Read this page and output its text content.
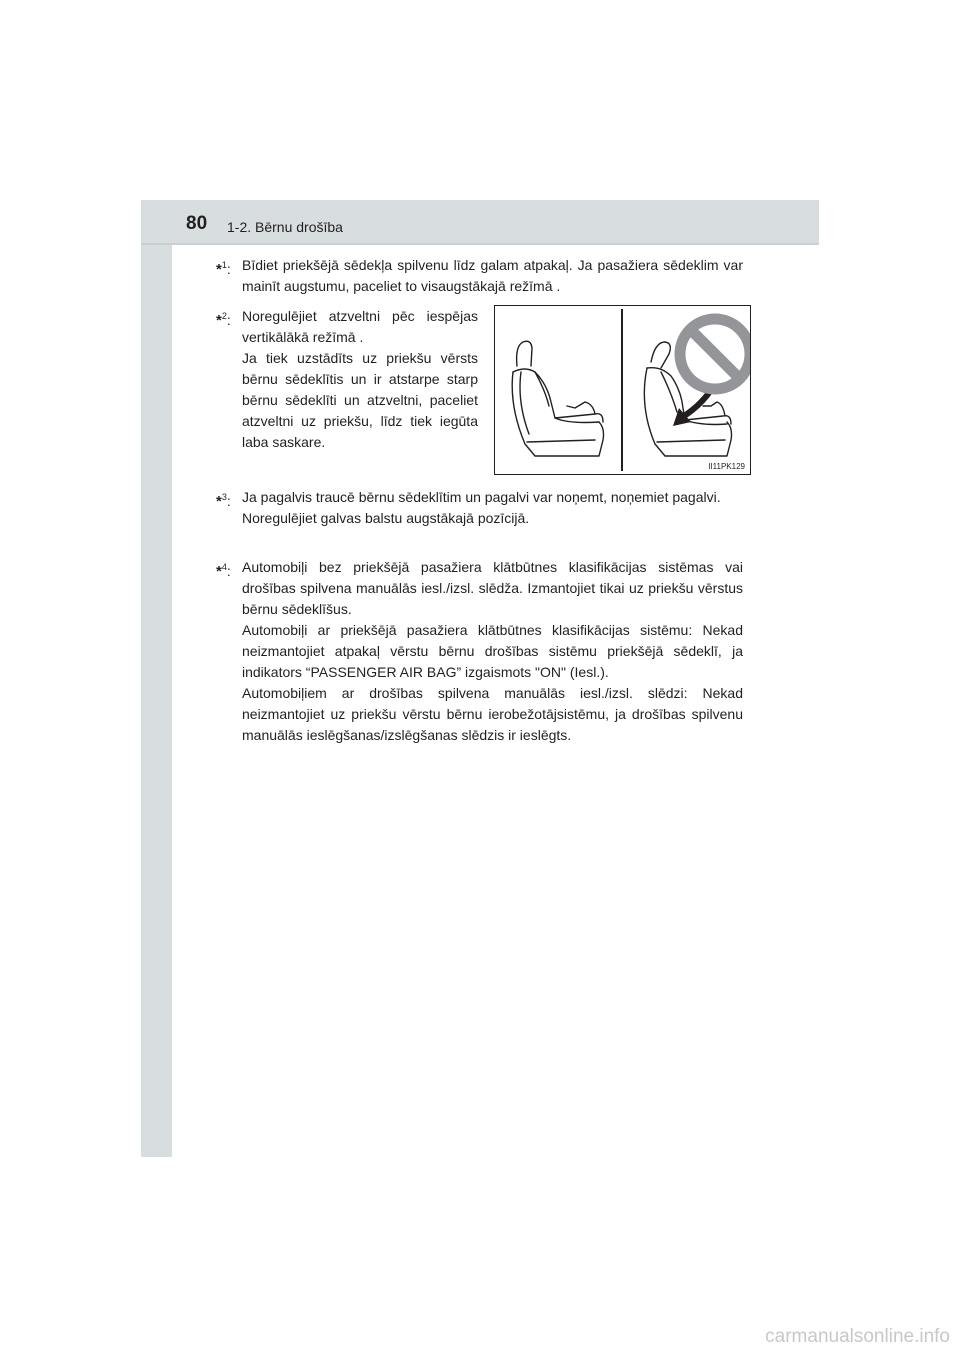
80 1-2. Bērnu drošība
*$^1$: Bīdiet priekšējā sēdekļa spilvenu līdz galam atpakaļ. Ja pasažiera sēdeklim var mainīt augstumu, paceliet to visaugstākajā režīmā .

*$^2$: Noregulējiet atzveltni pēc iespējas vertikālākā režīmā .

Ja tiek uzstādīts uz priekšu vērsts bērnu sēdeklītis un ir atstarpe starp bērnu sēdeklīti un atzveltni, paceliet atzveltni uz priekšu, līdz tiek iegūta laba saskare.

II11PK129
*$^3$: Ja pagalvis traucē bērnu sēdeklītim un pagalvi var noņemt, noņemiet pagalvi.

Noregulējiet galvas balstu augstākajā pozīcijā.

*$^4$: Automobiļi bez priekšējā pasažiera klātbūtnes klasifikācijas sistēmas vai drošības spilvena manuālās iesl./izsl. slēdža. Izmantojiet tikai uz priekšu vērstus bērnu sēdeklīšus.

Automobiļi ar priekšējā pasažiera klātbūtnes klasifikācijas sistēmu: Nekad neizmantojiet atpakaļ vērstu bērnu drošības sistēmu priekšējā sēdeklī, ja indikators “PASSENGER AIR BAG” izgaismots "ON" (Iesl.).

Automobiļiem ar drošības spilvena manuālās iesl./izsl. slēdzi: Nekad neizmantojiet uz priekšu vērstu bērnu ierobežotājsistēmu, ja drošības spilvenu manuālās ieslēgšanas/izslēgšanas slēdzis ir ieslēgts.

carmanualsonline.info
